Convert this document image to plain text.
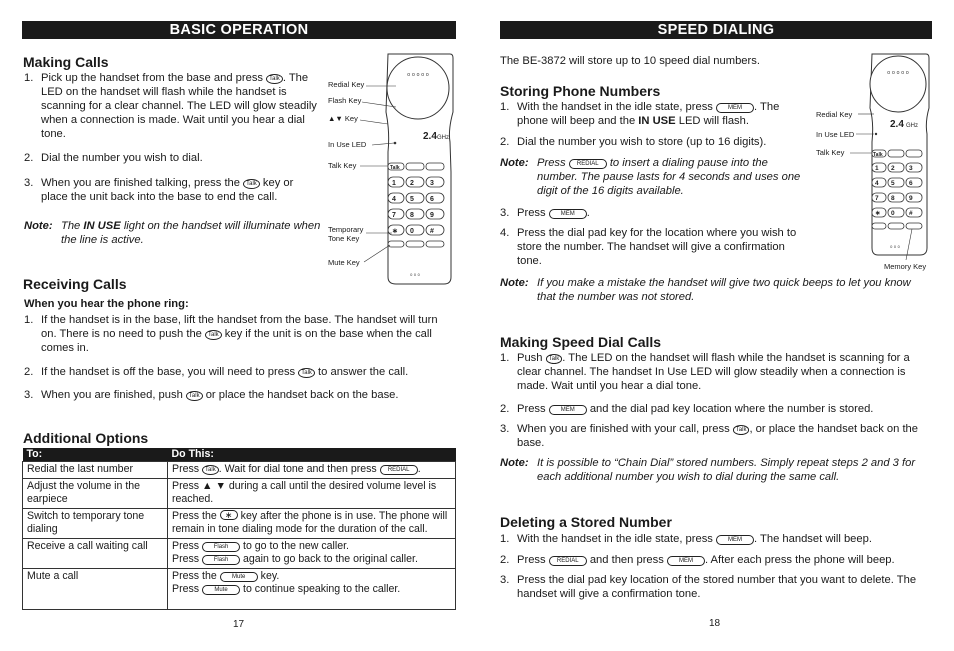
BASIC OPERATION
Making Calls
1. Pick up the handset from the base and press Talk . The LED on the handset will flash while the handset is scanning for a clear channel. The LED will glow steadily when a connection is made. Wait until you hear a dial tone.
2. Dial the number you wish to dial.
3. When you are finished talking, press the Talk key or place the unit back into the base to end the call.
Note: The IN USE light on the handset will illuminate when the line is active.
Receiving Calls
When you hear the phone ring:
1. If the handset is in the base, lift the handset from the base. The handset will turn on. There is no need to push the Talk key if the unit is on the base when the call comes in.
2. If the handset is off the base, you will need to press Talk to answer the call.
3. When you are finished, push Talk or place the handset back on the base.
Additional Options
To:	Do This:
Redial the last number	Press Talk . Wait for dial tone and then press REDIAL .
Adjust the volume in the earpiece	Press ▲ ▼ during a call until the desired volume level is reached.
Switch to temporary tone dialing	Press the ∗ key after the phone is in use. The phone will remain in tone dialing mode for the duration of the call.
Receive a call waiting call	Press Flash to go to the new caller.
Press Flash again to go back to the original caller.
Mute a call	Press the Mute key.
Press Mute to continue speaking to the caller.
o o o o o
2.4 GHz
1 2 3
4 5 6
7 8 9
∗ 0 #
Talk
o o o
Redial Key
Flash Key
▲▼ Key
In Use LED
Talk Key
Temporary
Tone Key
Mute Key
17
SPEED DIALING
The BE-3872 will store up to 10 speed dial numbers.
Storing Phone Numbers
1. With the handset in the idle state, press	MEM . The phone will beep and the IN USE LED will flash.
2. Dial the number you wish to store (up to 16 digits).
Note: Press REDIAL to insert a dialing pause into the number. The pause lasts for 4 seconds and uses one digit of the 16 digits available.
3. Press	MEM .
4. Press the dial pad key for the location where you wish to store the number. The handset will give a confirmation tone.
Note: If you make a mistake the handset will give two quick beeps to let you know that the number was not stored.
Making Speed Dial Calls
1. Push Talk . The LED on the handset will flash while the handset is scanning for a clear channel. The handset In Use LED will glow steadily when a connection is made. Wait until you hear a dial tone.
2. Press	MEM and the dial pad key location where the number is stored.
3. When you are finished with your call, press Talk , or place the handset back on the base.
Note: It is possible to “Chain Dial” stored numbers. Simply repeat steps 2 and 3 for each additional number you wish to dial during the same call.
Deleting a Stored Number
1. With the handset in the idle state, press	MEM . The handset will beep.
2. Press REDIAL and then press	MEM . After each press the phone will beep.
3. Press the dial pad key location of the stored number that you want to delete. The handset will give a confirmation tone.
o o o o o
2.4 GHz
1 2 3
4 5 6
7 8 9
∗ 0 #
Talk
o o o
Redial Key
In Use LED
Talk Key
Memory Key
18
